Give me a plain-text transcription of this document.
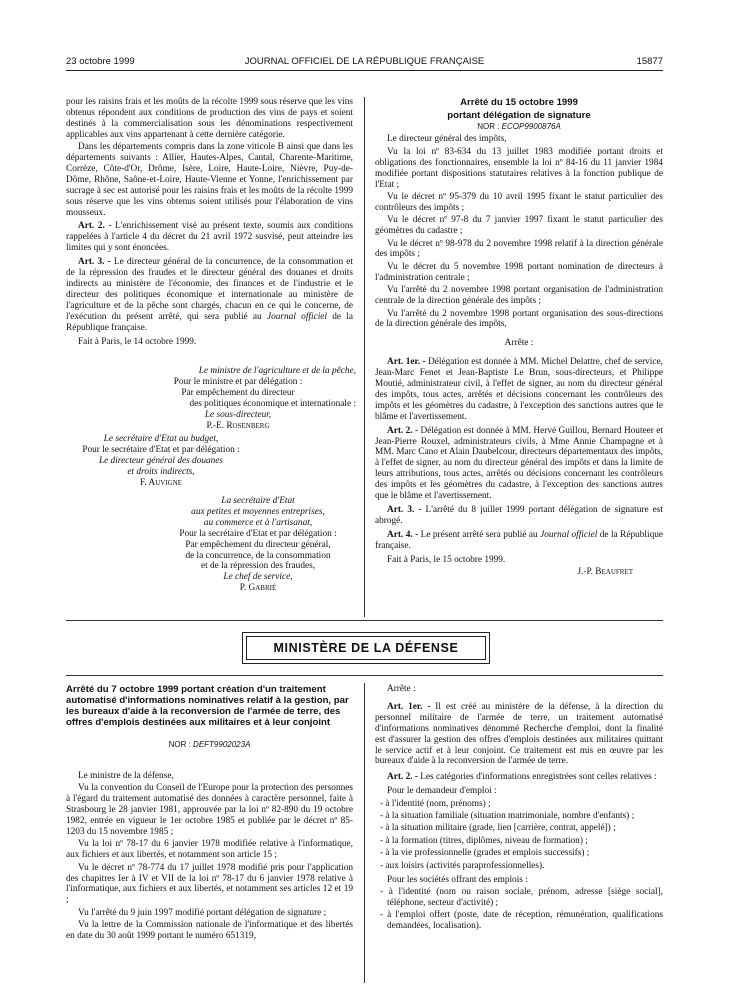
23 octobre 1999	JOURNAL OFFICIEL DE LA RÉPUBLIQUE FRANÇAISE	15877

pour les raisins frais et les moûts de la récolte 1999 sous réserve que les vins obtenus répondent aux conditions de production des vins de pays et soient destinés à la commercialisation sous les dénominations respectivement applicables aux vins appartenant à cette dernière catégorie.

Dans les départements compris dans la zone viticole B ainsi que dans les départements suivants : Allier, Hautes-Alpes, Cantal, Charente-Maritime, Corrèze, Côte-d'Or, Drôme, Isère, Loire, Haute-Loire, Nièvre, Puy-de-Dôme, Rhône, Saône-et-Loire, Haute-Vienne et Yonne, l'enrichissement par sucrage à sec est autorisé pour les raisins frais et les moûts de la récolte 1999 sous réserve que les vins obtenus soient utilisés pour l'élaboration de vins mousseux.

Art. 2. - L'enrichissement visé au présent texte, soumis aux conditions rappelées à l'article 4 du décret du 21 avril 1972 susvisé, peut atteindre les limites qui y sont énoncées.

Art. 3. - Le directeur général de la concurrence, de la consommation et de la répression des fraudes et le directeur général des douanes et droits indirects au ministère de l'économie, des finances et de l'industrie et le directeur des politiques économique et internationale au ministère de l'agriculture et de la pêche sont chargés, chacun en ce qui le concerne, de l'exécution du présent arrêté, qui sera publié au Journal officiel de la République française.

Fait à Paris, le 14 octobre 1999.

Le ministre de l'agriculture et de la pêche,
Pour le ministre et par délégation :
Par empêchement du directeur
des politiques économique et internationale :
Le sous-directeur,
P.-E. Rosenberg
Le secrétaire d'Etat au budget,
Pour le secrétaire d'Etat et par délégation :
Le directeur général des douanes
et droits indirects,
F. Auvigne
La secrétaire d'Etat
aux petites et moyennes entreprises,
au commerce et à l'artisanat,
Pour la secrétaire d'Etat et par délégation :
Par empêchement du directeur général,
de la concurrence, de la consommation
et de la répression des fraudes,
Le chef de service,
P. Gabrié

Arrêté du 15 octobre 1999

portant délégation de signature

NOR : ECOP9900876A

Le directeur général des impôts,

Vu la loi nº 83-634 du 13 juillet 1983 modifiée portant droits et obligations des fonctionnaires, ensemble la loi nº 84-16 du 11 janvier 1984 modifiée portant dispositions statutaires relatives à la fonction publique de l'Etat ;

Vu le décret nº 95-379 du 10 avril 1995 fixant le statut particulier des contrôleurs des impôts ;

Vu le décret nº 97-8 du 7 janvier 1997 fixant le statut particulier des géomètres du cadastre ;

Vu le décret nº 98-978 du 2 novembre 1998 relatif à la direction générale des impôts ;

Vu le décret du 5 novembre 1998 portant nomination de directeurs à l'administration centrale ;

Vu l'arrêté du 2 novembre 1998 portant organisation de l'administration centrale de la direction générale des impôts ;

Vu l'arrêté du 2 novembre 1998 portant organisation des sous-directions de la direction générale des impôts,

Arrête :

Art. 1er. - Délégation est donnée à MM. Michel Delattre, chef de service, Jean-Marc Fenet et Jean-Baptiste Le Brun, sous-directeurs, et Philippe Moutié, administrateur civil, à l'effet de signer, au nom du directeur général des impôts, tous actes, arrêtés et décisions concernant les contrôleurs des impôts et les géomètres du cadastre, à l'exception des sanctions autres que le blâme et l'avertissement.

Art. 2. - Délégation est donnée à MM. Hervé Guillou, Bernard Houteer et Jean-Pierre Rouxel, administrateurs civils, à Mme Annie Champagne et à MM. Marc Cano et Alain Daubelcour, directeurs départementaux des impôts, à l'effet de signer, au nom du directeur général des impôts et dans la limite de leurs attributions, tous actes, arrêtés ou décisions concernant les contrôleurs des impôts et les géomètres du cadastre, à l'exception des sanctions autres que le blâme et l'avertissement.

Art. 3. - L'arrêté du 8 juillet 1999 portant délégation de signature est abrogé.

Art. 4. - Le présent arrêté sera publié au Journal officiel de la République française.

Fait à Paris, le 15 octobre 1999.

J.-P. Beaufret

MINISTÈRE DE LA DÉFENSE

Arrêté du 7 octobre 1999 portant création d'un traitement automatisé d'informations nominatives relatif à la gestion, par les bureaux d'aide à la reconversion de l'armée de terre, des offres d'emplois destinées aux militaires et à leur conjoint

NOR : DEFT9902023A

Le ministre de la défense,

Vu la convention du Conseil de l'Europe pour la protection des personnes à l'égard du traitement automatisé des données à caractère personnel, faite à Strasbourg le 28 janvier 1981, approuvée par la loi nº 82-890 du 19 octobre 1982, entrée en vigueur le 1er octobre 1985 et publiée par le décret nº 85-1203 du 15 novembre 1985 ;

Vu la loi nº 78-17 du 6 janvier 1978 modifiée relative à l'informatique, aux fichiers et aux libertés, et notamment son article 15 ;

Vu le décret nº 78-774 du 17 juillet 1978 modifié pris pour l'application des chapitres Ier à IV et VII de la loi nº 78-17 du 6 janvier 1978 relative à l'informatique, aux fichiers et aux libertés, et notamment ses articles 12 et 19 ;

Vu l'arrêté du 9 juin 1997 modifié portant délégation de signature ;

Vu la lettre de la Commission nationale de l'informatique et des libertés en date du 30 août 1999 portant le numéro 651319,

Arrête :

Art. 1er. - Il est créé au ministère de la défense, à la direction du personnel militaire de l'armée de terre, un traitement automatisé d'informations nominatives dénommé Recherche d'emploi, dont la finalité est d'assurer la gestion des offres d'emplois destinées aux militaires quittant le service actif et à leur conjoint. Ce traitement est mis en œuvre par les bureaux d'aide à la reconversion de l'armée de terre.

Art. 2. - Les catégories d'informations enregistrées sont celles relatives :

Pour le demandeur d'emploi :

- à l'identité (nom, prénoms) ;
- à la situation familiale (situation matrimoniale, nombre d'enfants) ;
- à la situation militaire (grade, lien [carrière, contrat, appelé]) ;
- à la formation (titres, diplômes, niveau de formation) ;
- à la vie professionnelle (grades et emplois successifs) ;
- aux loisirs (activités paraprofessionnelles).

Pour les sociétés offrant des emplois :

- à l'identité (nom ou raison sociale, prénom, adresse [siège social], téléphone, secteur d'activité) ;
- à l'emploi offert (poste, date de réception, rémunération, qualifications demandées, localisation).
